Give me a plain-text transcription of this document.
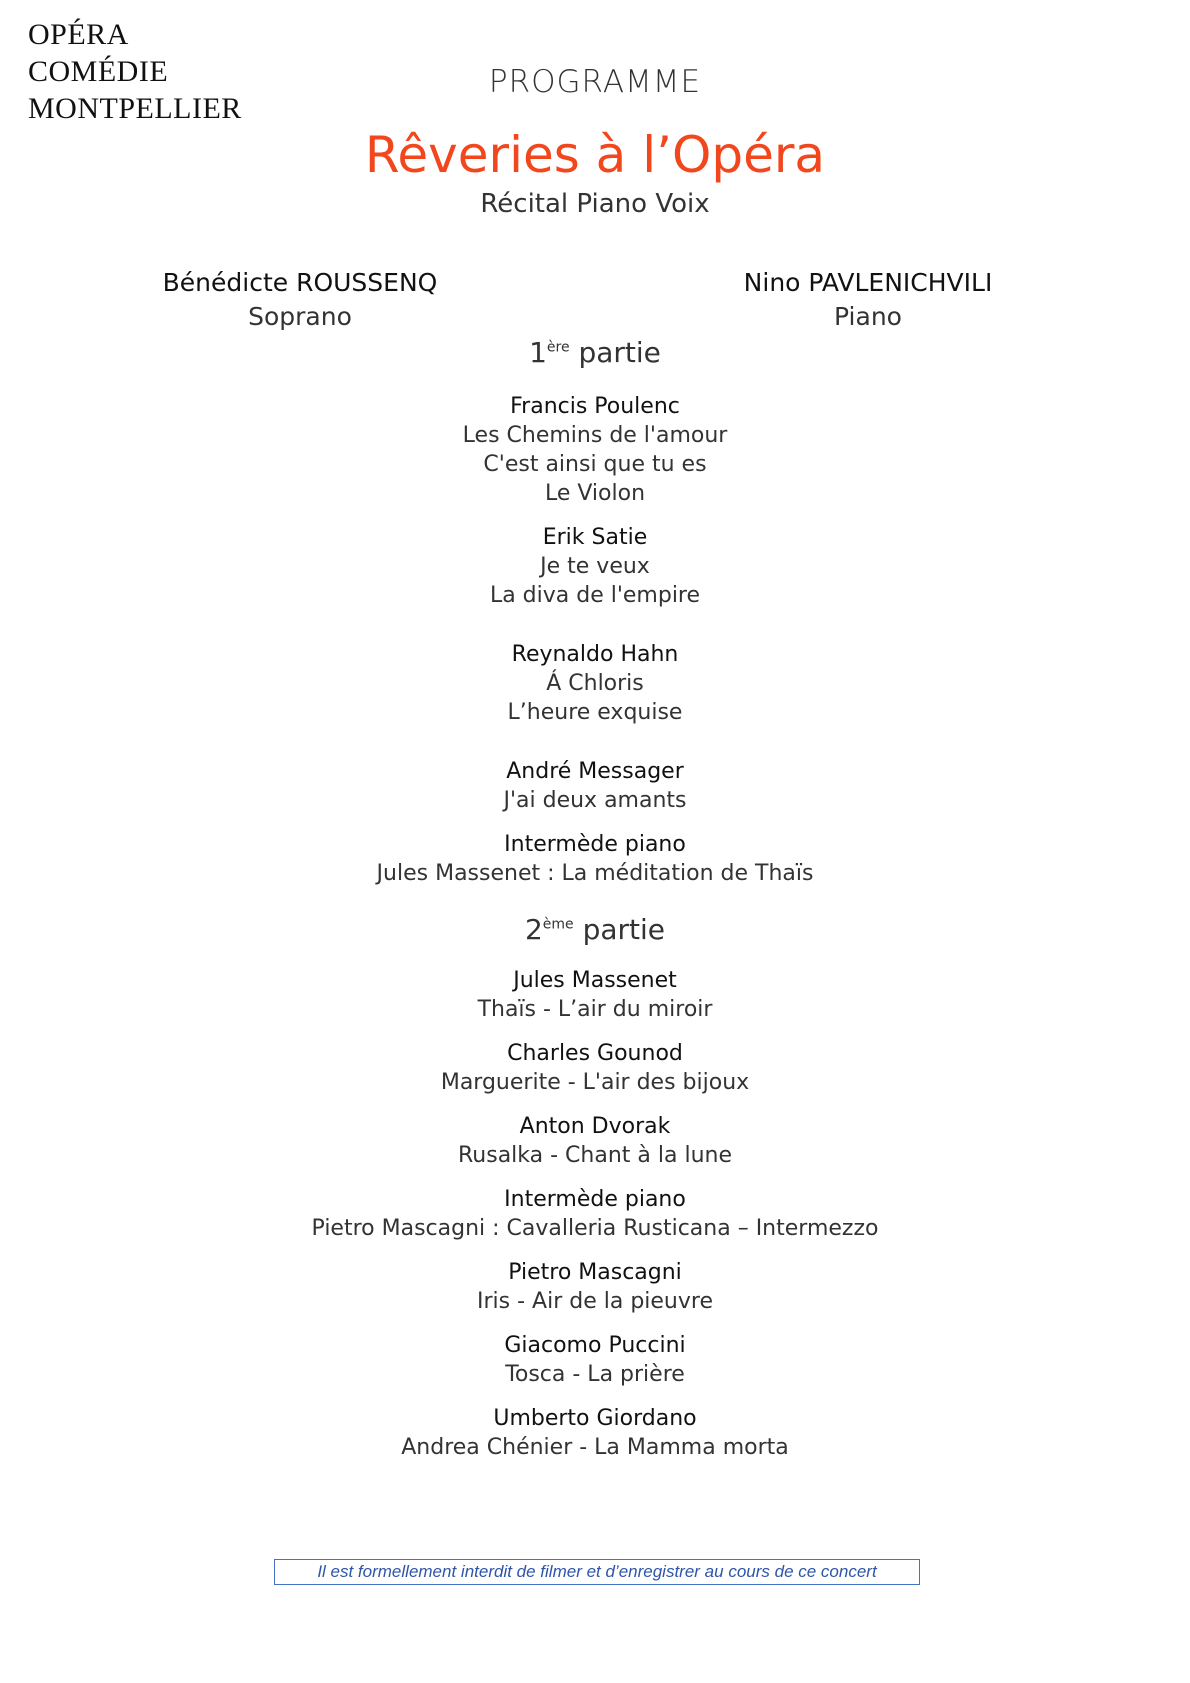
OPÉRA
COMÉDIE
MONTPELLIER
PROGRAMME
Rêveries à l’Opéra
Récital Piano Voix
Bénédicte ROUSSENQ
Soprano
Nino PAVLENICHVILI
Piano
1ère partie
Francis Poulenc
Les Chemins de l'amour
C'est ainsi que tu es
Le Violon
Erik Satie
Je te veux
La diva de l'empire
Reynaldo Hahn
Á Chloris
L’heure exquise
André Messager
J'ai deux amants
Intermède piano
Jules Massenet : La méditation de Thaïs
2ème partie
Jules Massenet
Thaïs - L’air du miroir
Charles Gounod
Marguerite - L'air des bijoux
Anton Dvorak
Rusalka - Chant à la lune
Intermède piano
Pietro Mascagni : Cavalleria Rusticana – Intermezzo
Pietro Mascagni
Iris - Air de la pieuvre
Giacomo Puccini
Tosca - La prière
Umberto Giordano
Andrea Chénier - La Mamma morta
Il est formellement interdit de filmer et d’enregistrer au cours de ce concert
